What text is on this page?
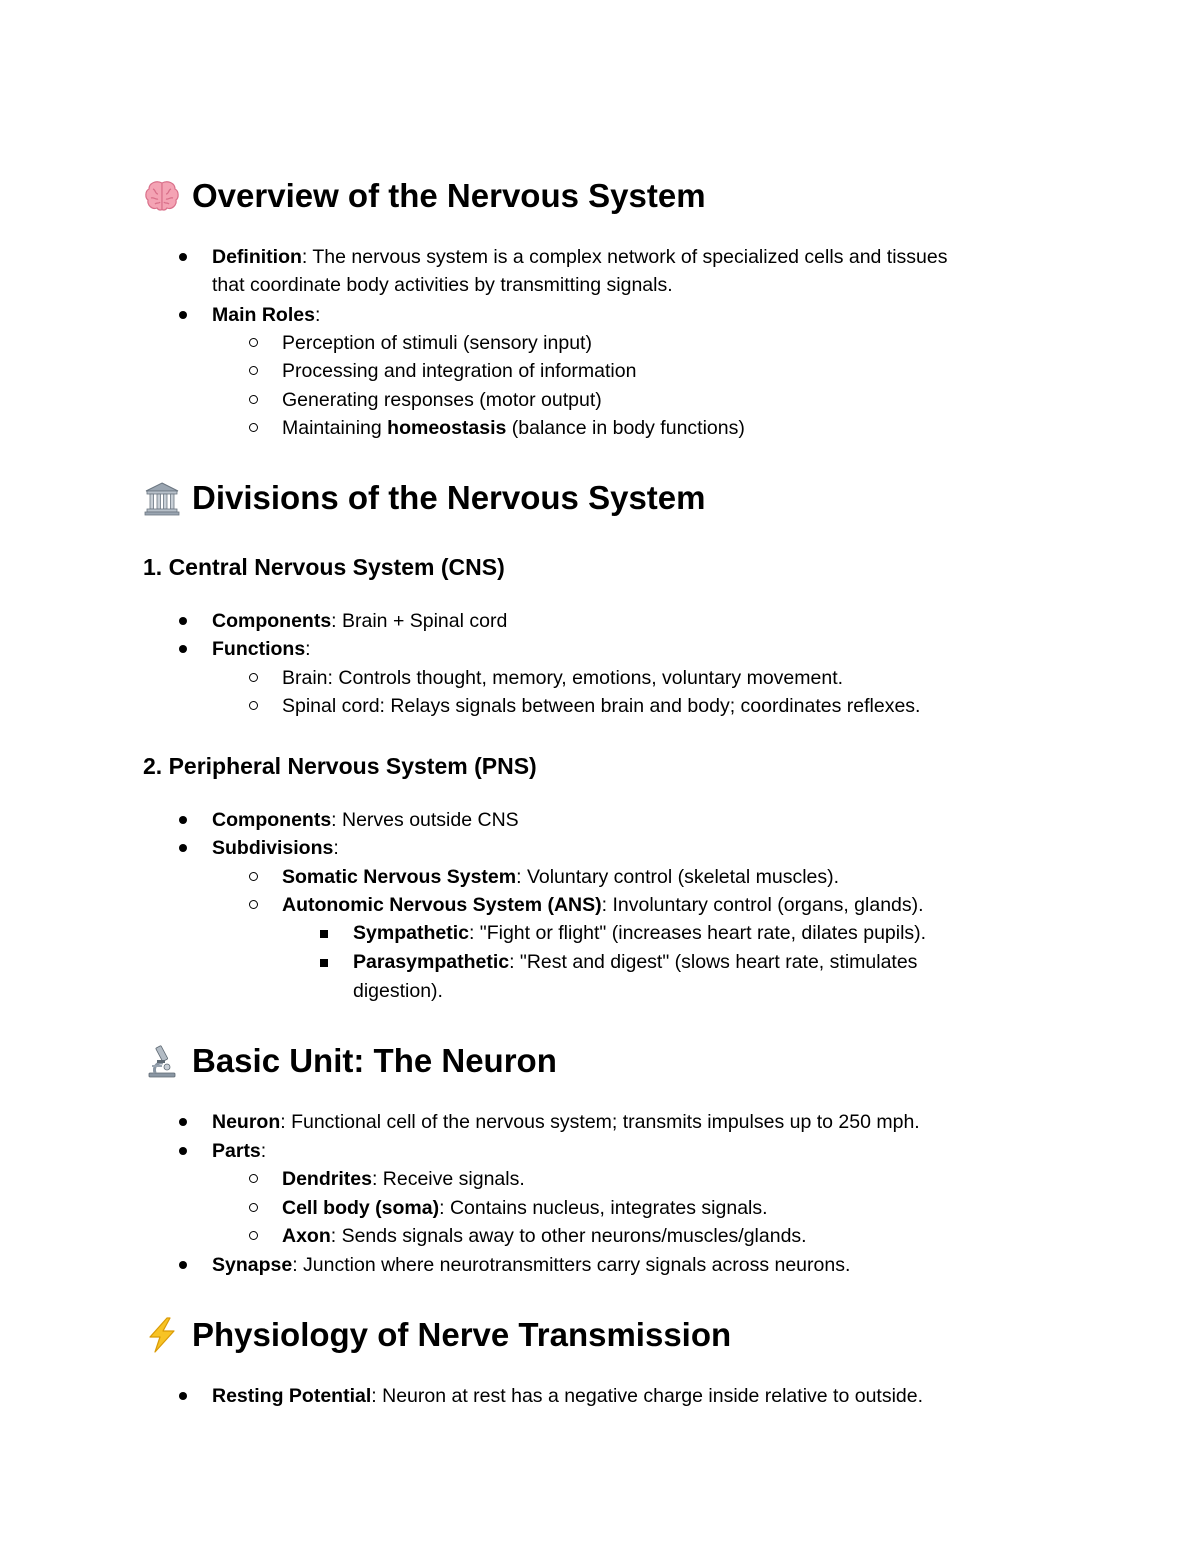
Overview of the Nervous System
Definition: The nervous system is a complex network of specialized cells and tissues
that coordinate body activities by transmitting signals.
Main Roles:
Perception of stimuli (sensory input)
Processing and integration of information
Generating responses (motor output)
Maintaining homeostasis (balance in body functions)
Divisions of the Nervous System
1. Central Nervous System (CNS)
Components: Brain + Spinal cord
Functions:
Brain: Controls thought, memory, emotions, voluntary movement.
Spinal cord: Relays signals between brain and body; coordinates reflexes.
2. Peripheral Nervous System (PNS)
Components: Nerves outside CNS
Subdivisions:
Somatic Nervous System: Voluntary control (skeletal muscles).
Autonomic Nervous System (ANS): Involuntary control (organs, glands).
Sympathetic: "Fight or flight" (increases heart rate, dilates pupils).
Parasympathetic: "Rest and digest" (slows heart rate, stimulates
digestion).
Basic Unit: The Neuron
Neuron: Functional cell of the nervous system; transmits impulses up to 250 mph.
Parts:
Dendrites: Receive signals.
Cell body (soma): Contains nucleus, integrates signals.
Axon: Sends signals away to other neurons/muscles/glands.
Synapse: Junction where neurotransmitters carry signals across neurons.
Physiology of Nerve Transmission
Resting Potential: Neuron at rest has a negative charge inside relative to outside.
